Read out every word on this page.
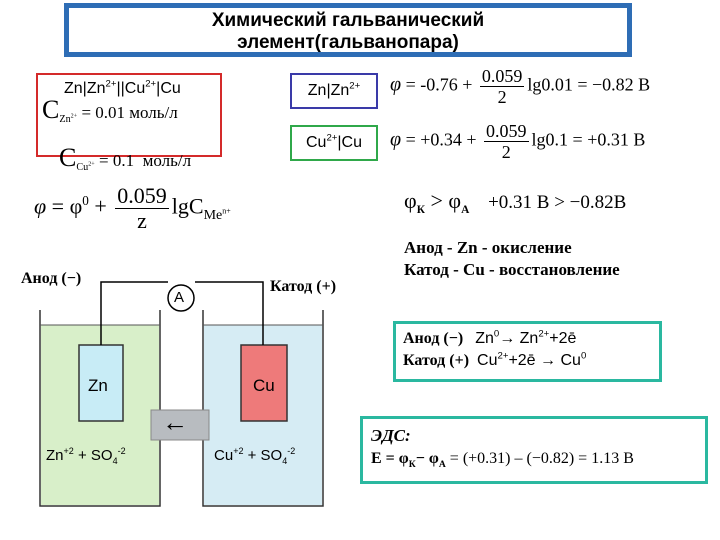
Химический гальванический
элемент(гальванопара)
$Zn|Zn^{2+}||Cu^{2+}|Cu$
$C_{Zn^{2+}} = 0.01$ моль/л

$C_{Cu^{2+}} = 0.1$  моль/л

$Zn|Zn^{2+}$
$Cu^{2+}|Cu$
$\varphi = -0.76 + \frac{0.059}{2} \lg 0.01 = -0.82$ В
$\varphi = +0.34 + \frac{0.059}{2} \lg 0.1 = +0.31$ В
$\varphi = \varphi^0 + \frac{0.059}{z} \lg C_{Me^{n+}}$	$\varphi_К > \varphi_А +0.31$ В > −0.82В
Анод - Zn - окисление
Катод - Cu - восстановление
Анод (−)	Катод (+)
A
Zn	Cu
←
$Zn^{+2} + SO_4^{-2}$	$Cu^{+2} + SO_4^{-2}$
Анод (−) $Zn^0\to$ $Zn^{2+}+2ē$
Катод (+) $Cu^{2+}+2ē \to Cu^0$
ЭДС:
$E = \varphi_К- \varphi_А = (+0.31) - (-0.82) = 1.13$ В
